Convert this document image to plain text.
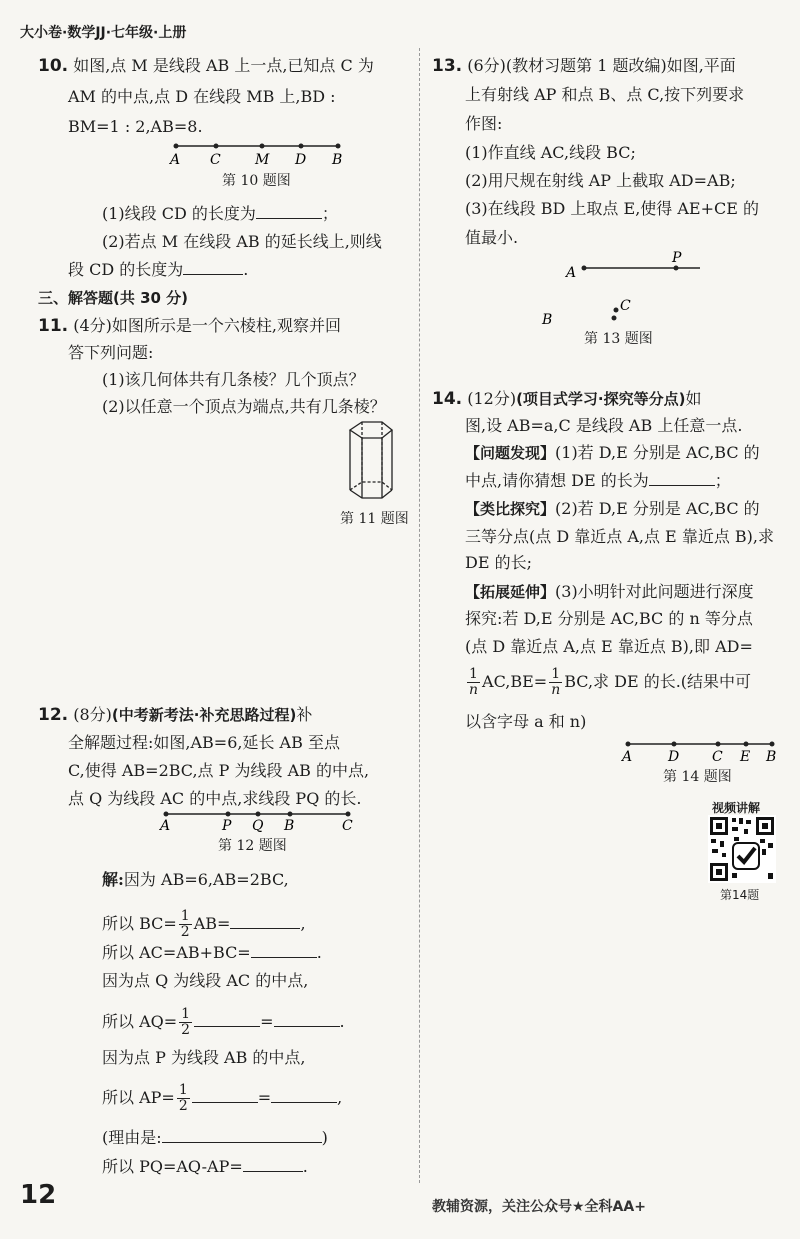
大小卷·数学JJ·七年级·上册
10. 如图,点 M 是线段 AB 上一点,已知点 C 为
AM 的中点,点 D 在线段 MB 上,BD :
BM=1 : 2,AB=8.
A C M D B
第 10 题图
(1)线段 CD 的长度为	；
(2)若点 M 在线段 AB 的延长线上,则线
段 CD 的长度为	.
三、解答题(共 30 分)
11. (4分)如图所示是一个六棱柱,观察并回
答下列问题:
(1)该几何体共有几条棱？几个顶点？
(2)以任意一个顶点为端点,共有几条棱？
第 11 题图
12. (8分)(中考新考法·补充思路过程)补
全解题过程:如图,AB=6,延长 AB 至点
C,使得 AB=2BC,点 P 为线段 AB 的中点,
点 Q 为线段 AC 的中点,求线段 PQ 的长.
A	P Q B	C
第 12 题图
解:因为 AB=6,AB=2BC,
所以 $BC= \frac{1}{2} AB=$	,
所以 AC=AB+BC=	.
因为点 Q 为线段 AC 的中点,
所以 $AQ= \frac{1}{2}$	=	.
因为点 P 为线段 AB 的中点,
所以 $AP= \frac{1}{2}$	=	,
(理由是:	)
所以 PQ=AQ-AP=	.
13. (6分)(教材习题第 1 题改编)如图,平面
上有射线 AP 和点 B、点 C,按下列要求
作图:
(1)作直线 AC,线段 BC;
(2)用尺规在射线 AP 上截取 AD=AB;
(3)在线段 BD 上取点 E,使得 AE+CE 的
值最小.
A
P
B
C
第 13 题图
14. (12分)(项目式学习·探究等分点)如
图,设 AB=a,C 是线段 AB 上任意一点.
【问题发现】(1)若 D,E 分别是 AC,BC 的
中点,请你猜想 DE 的长为	；
【类比探究】(2)若 D,E 分别是 AC,BC 的
三等分点(点 D 靠近点 A,点 E 靠近点 B),求
DE 的长;
【拓展延伸】(3)小明针对此问题进行深度
探究:若 D,E 分别是 AC,BC 的 n 等分点
(点 D 靠近点 A,点 E 靠近点 B),即 AD=
$\frac{1}{n} AC,BE= \frac{1}{n}$ BC,求 DE 的长.(结果中可
以含字母 a 和 n)
A	D C E B
第 14 题图
视频讲解
第14题
12	教辅资源，关注公众号★全科AA+
